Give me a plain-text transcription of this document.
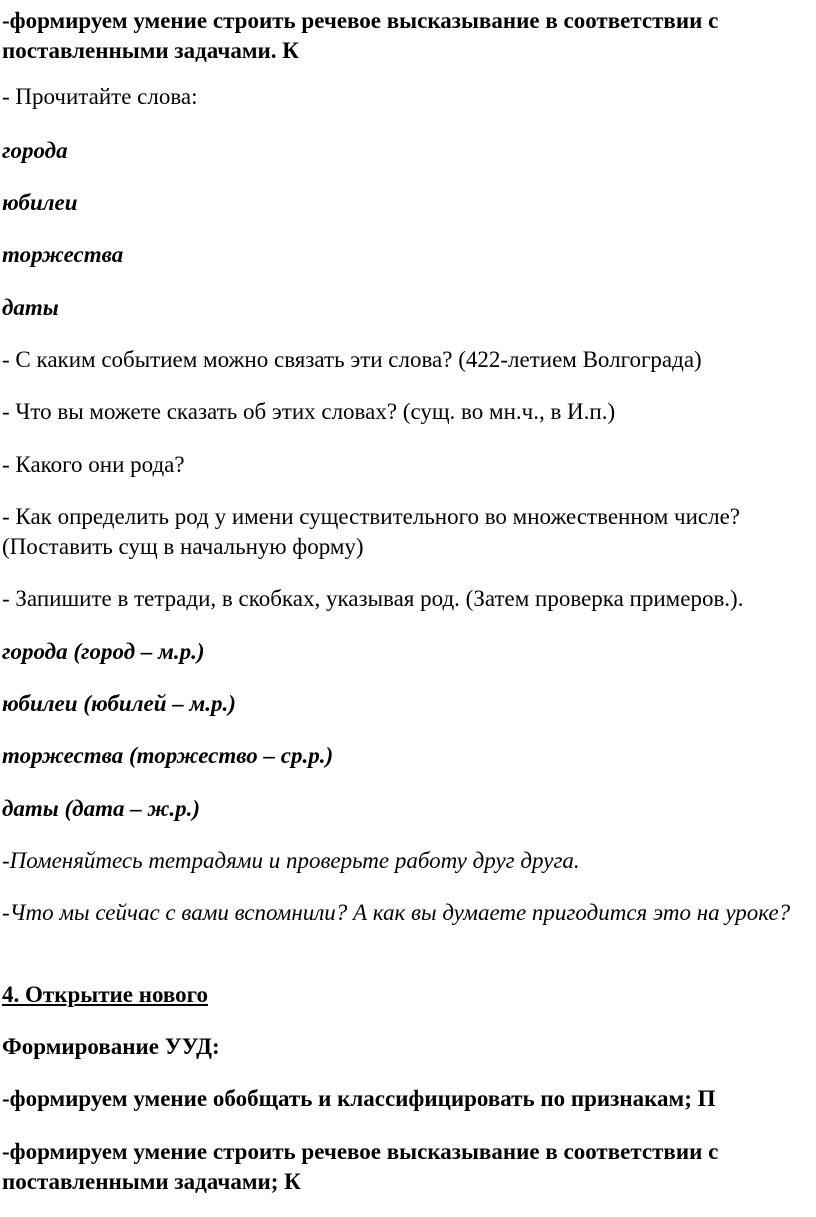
-формируем умение строить речевое высказывание в соответствии с поставленными задачами. К

- Прочитайте слова:

города

юбилеи

торжества

даты

- С каким событием можно связать эти слова? (422-летием Волгограда)

- Что вы можете сказать об этих словах? (сущ. во мн.ч., в И.п.)

- Какого они рода?

- Как определить род у имени существительного во множественном числе? (Поставить сущ в начальную форму)

- Запишите в тетради, в скобках, указывая род. (Затем проверка примеров.).

города (город – м.р.)

юбилеи (юбилей – м.р.)

торжества (торжество – ср.р.)

даты (дата – ж.р.)

-Поменяйтесь тетрадями и проверьте работу друг друга.

-Что мы сейчас с вами вспомнили? А как вы думаете пригодится это на уроке?

4. Открытие нового

Формирование УУД:

-формируем умение обобщать и классифицировать по признакам; П

-формируем умение строить речевое высказывание в соответствии с поставленными задачами; К
